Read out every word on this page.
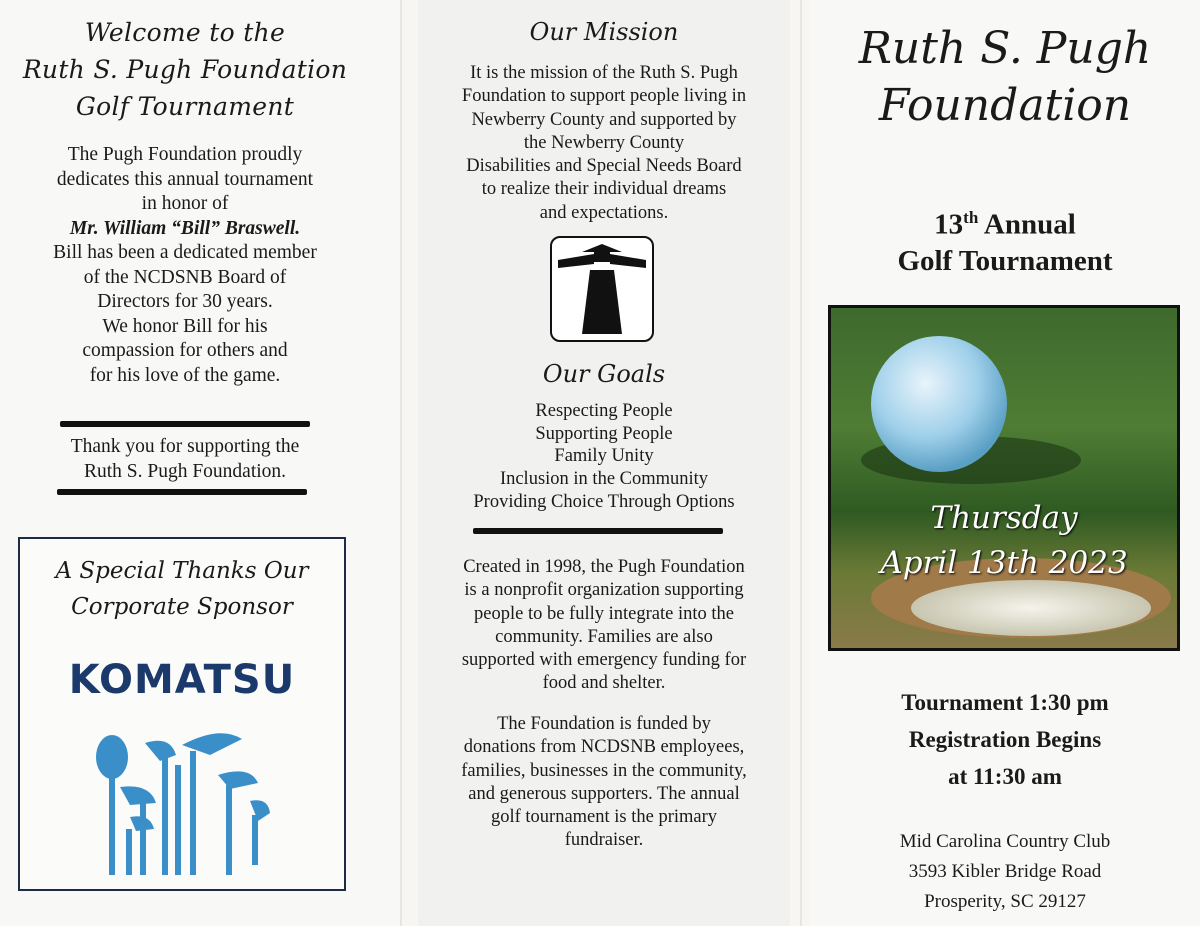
Welcome to the
Ruth S. Pugh Foundation
Golf Tournament
The Pugh Foundation proudly
dedicates this annual tournament
in honor of
Mr. William “Bill” Braswell.
Bill has been a dedicated member
of the NCDSNB Board of
Directors for 30 years.
We honor Bill for his
compassion for others and
for his love of the game.
Thank you for supporting the
Ruth S. Pugh Foundation.
A Special Thanks Our
Corporate Sponsor
KOMATSU
Our Mission
It is the mission of the Ruth S. Pugh
Foundation to support people living in
Newberry County and supported by
the Newberry County
Disabilities and Special Needs Board
to realize their individual dreams
and expectations.
Our Goals
Respecting People
Supporting People
Family Unity
Inclusion in the Community
Providing Choice Through Options
Created in 1998, the Pugh Foundation
is a nonprofit organization supporting
people to be fully integrate into the
community. Families are also
supported with emergency funding for
food and shelter.
The Foundation is funded by
donations from NCDSNB employees,
families, businesses in the community,
and generous supporters. The annual
golf tournament is the primary
fundraiser.
Ruth S. Pugh
Foundation
13th Annual
Golf Tournament
Thursday
April 13th 2023
Tournament 1:30 pm
Registration Begins
at 11:30 am
Mid Carolina Country Club
3593 Kibler Bridge Road
Prosperity, SC 29127
